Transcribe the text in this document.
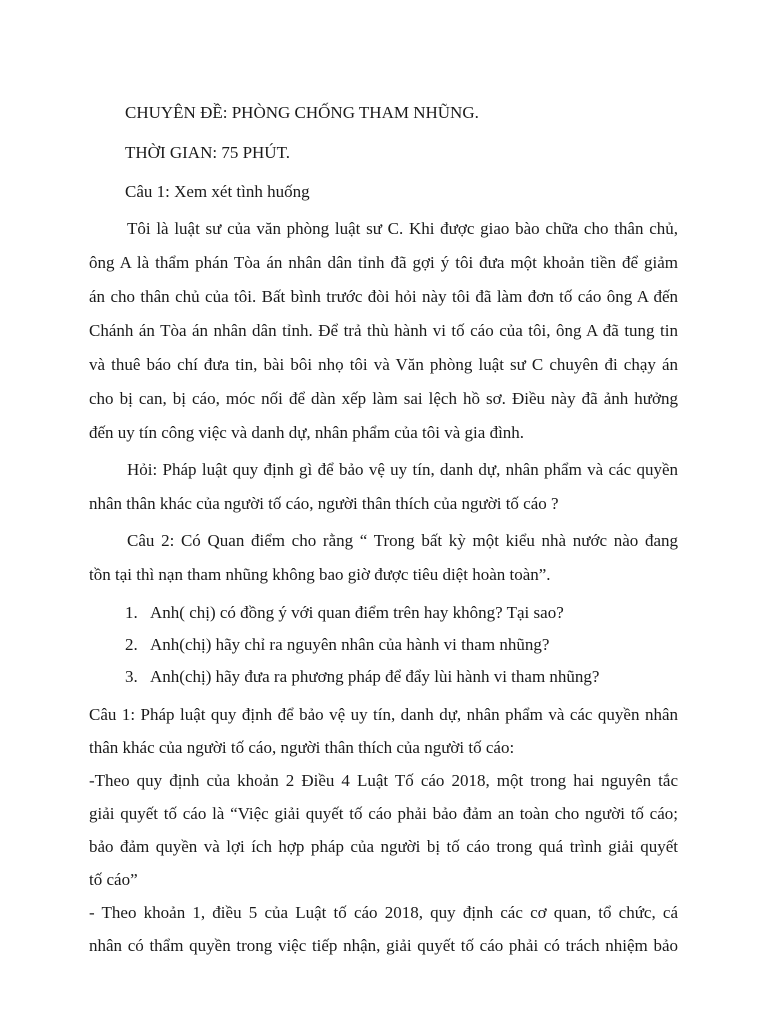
CHUYÊN ĐỀ: PHÒNG CHỐNG THAM NHŨNG.
THỜI GIAN: 75 PHÚT.
Câu 1: Xem xét tình huống
Tôi là luật sư của văn phòng luật sư C. Khi được giao bào chữa cho thân chủ,
ông A là thẩm phán Tòa án nhân dân tỉnh đã gợi ý tôi đưa một khoản tiền để giảm
án cho thân chủ của tôi. Bất bình trước đòi hỏi này tôi đã làm đơn tố cáo ông A đến
Chánh án Tòa án nhân dân tỉnh. Để trả thù hành vi tố cáo của tôi, ông A đã tung tin
và thuê báo chí đưa tin, bài bôi nhọ tôi và Văn phòng luật sư C chuyên đi chạy án
cho bị can, bị cáo, móc nối để dàn xếp làm sai lệch hồ sơ. Điều này đã ảnh hưởng
đến uy tín công việc và danh dự, nhân phẩm của tôi và gia đình.
Hỏi: Pháp luật quy định gì để bảo vệ uy tín, danh dự, nhân phẩm và các quyền
nhân thân khác của người tố cáo, người thân thích của người tố cáo ?
Câu 2: Có Quan điểm cho rằng “ Trong bất kỳ một kiểu nhà nước nào đang
tồn tại thì nạn tham nhũng không bao giờ được tiêu diệt hoàn toàn”.
1. Anh( chị) có đồng ý với quan điểm trên hay không? Tại sao?
2. Anh(chị) hãy chỉ ra nguyên nhân của hành vi tham nhũng?
3. Anh(chị) hãy đưa ra phương pháp để đẩy lùi hành vi tham nhũng?
Câu 1: Pháp luật quy định để bảo vệ uy tín, danh dự, nhân phẩm và các quyền nhân
thân khác của người tố cáo, người thân thích của người tố cáo:
-Theo quy định của khoản 2 Điều 4 Luật Tố cáo 2018, một trong hai nguyên tắc
giải quyết tố cáo là “Việc giải quyết tố cáo phải bảo đảm an toàn cho người tố cáo;
bảo đảm quyền và lợi ích hợp pháp của người bị tố cáo trong quá trình giải quyết
tố cáo”
- Theo khoản 1, điều 5 của Luật tố cáo 2018, quy định các cơ quan, tổ chức, cá
nhân có thẩm quyền trong việc tiếp nhận, giải quyết tố cáo phải có trách nhiệm bảo
